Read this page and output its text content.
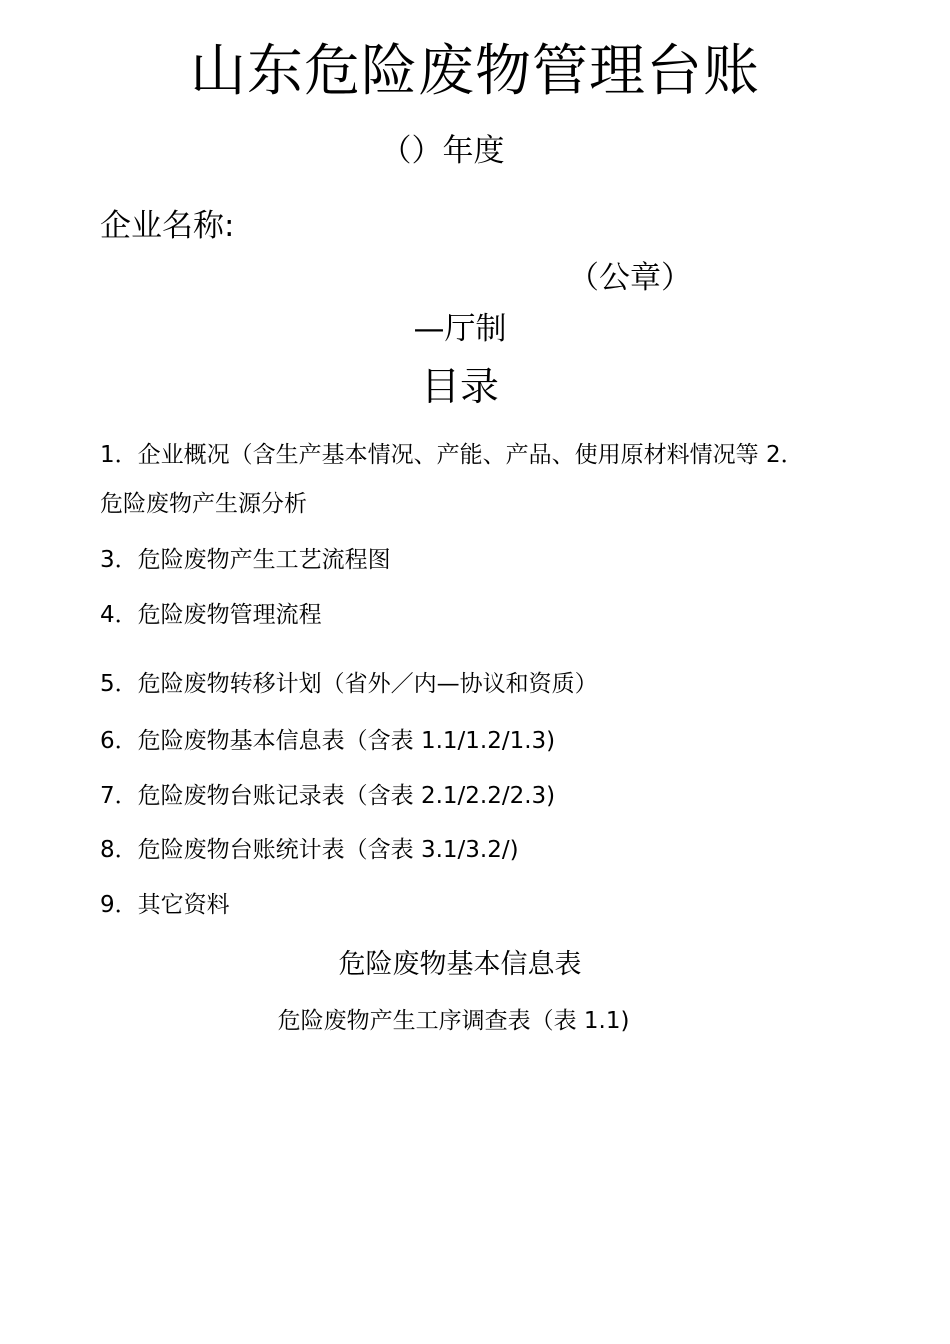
山东危险废物管理台账
（）年度
企业名称:
（公章）
—厅制
目录
1．企业概况（含生产基本情况、产能、产品、使用原材料情况等 2．
危险废物产生源分析
3．危险废物产生工艺流程图
4．危险废物管理流程
5．危险废物转移计划（省外／内—协议和资质）
6．危险废物基本信息表（含表 1.1/1.2/1.3)
7．危险废物台账记录表（含表 2.1/2.2/2.3)
8．危险废物台账统计表（含表 3.1/3.2/)
9．其它资料
危险废物基本信息表
危险废物产生工序调查表（表 1.1)
